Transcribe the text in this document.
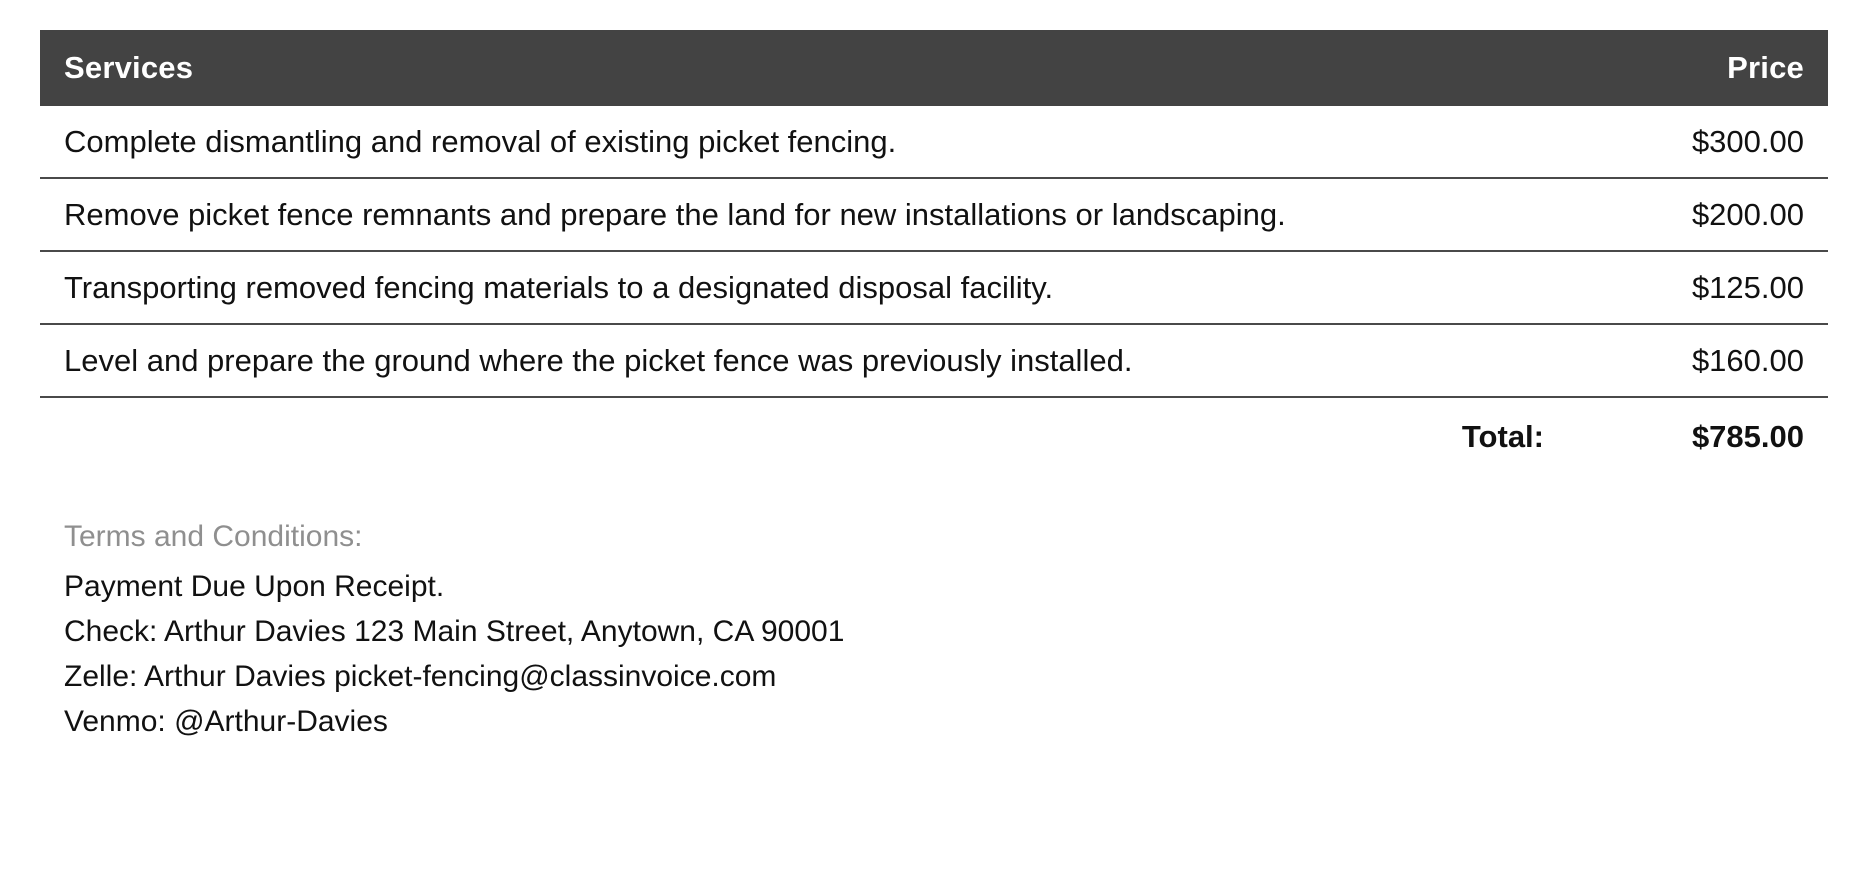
Services	Price
Complete dismantling and removal of existing picket fencing.	$300.00
Remove picket fence remnants and prepare the land for new installations or landscaping.	$200.00
Transporting removed fencing materials to a designated disposal facility.	$125.00
Level and prepare the ground where the picket fence was previously installed.	$160.00
Total:	$785.00
Terms and Conditions:
Payment Due Upon Receipt.
Check: Arthur Davies 123 Main Street, Anytown, CA 90001
Zelle: Arthur Davies picket-fencing@classinvoice.com
Venmo: @Arthur-Davies
